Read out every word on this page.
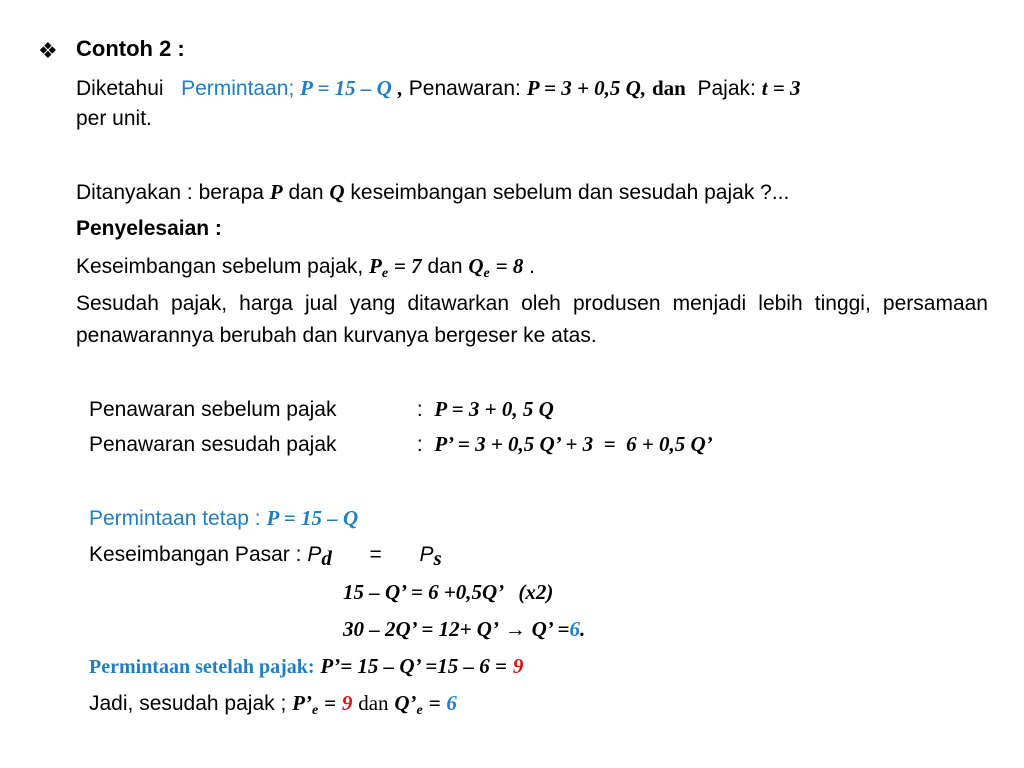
❖ Contoh 2 :
Diketahui Permintaan; P = 15 – Q , Penawaran: P = 3 + 0,5 Q, dan Pajak: t = 3
per unit.
Ditanyakan : berapa P dan Q keseimbangan sebelum dan sesudah pajak ?...
Penyelesaian :
Keseimbangan sebelum pajak, $P_e = 7$ dan $Q_e = 8$ .
Sesudah pajak, harga jual yang ditawarkan oleh produsen menjadi lebih tinggi, persamaan penawarannya berubah dan kurvanya bergeser ke atas.
Penawaran sebelum pajak	: P = 3 + 0, 5 Q
Penawaran sesudah pajak	: P’ = 3 + 0,5 Q’ + 3  =  6 + 0,5 Q’
Permintaan tetap : P = 15 – Q
Keseimbangan Pasar : $P_d = P_s$
15 – Q’ = 6 +0,5Q’   (x2)
30 – 2Q’ = 12+ Q’ → Q’ =6.
Permintaan setelah pajak: P’= 15 – Q’ =15 – 6 = 9
Jadi, sesudah pajak ; $P’_e = 9$ dan $Q’_e = 6$
